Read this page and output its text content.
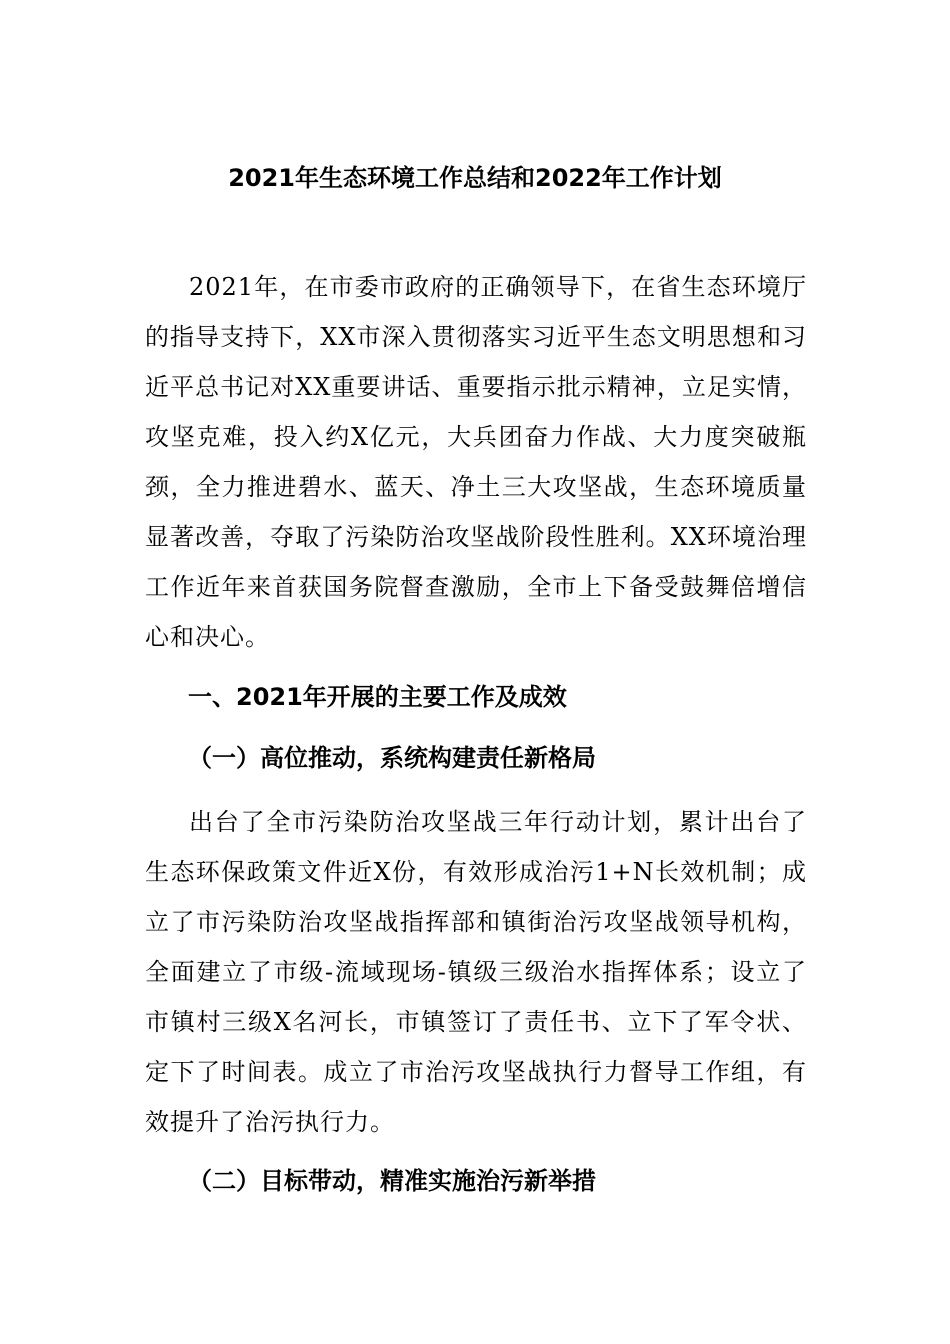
2021年生态环境工作总结和2022年工作计划

2021年，在市委市政府的正确领导下，在省生态环境厅的指导支持下，XX市深入贯彻落实习近平生态文明思想和习近平总书记对XX重要讲话、重要指示批示精神，立足实情，攻坚克难，投入约X亿元，大兵团奋力作战、大力度突破瓶颈，全力推进碧水、蓝天、净土三大攻坚战，生态环境质量显著改善，夺取了污染防治攻坚战阶段性胜利。XX环境治理工作近年来首获国务院督查激励，全市上下备受鼓舞倍增信心和决心。

一、2021年开展的主要工作及成效
（一）高位推动，系统构建责任新格局

出台了全市污染防治攻坚战三年行动计划，累计出台了生态环保政策文件近X份，有效形成治污1+N长效机制；成立了市污染防治攻坚战指挥部和镇街治污攻坚战领导机构，全面建立了市级-流域现场-镇级三级治水指挥体系；设立了市镇村三级X名河长，市镇签订了责任书、立下了军令状、定下了时间表。成立了市治污攻坚战执行力督导工作组，有效提升了治污执行力。

（二）目标带动，精准实施治污新举措
